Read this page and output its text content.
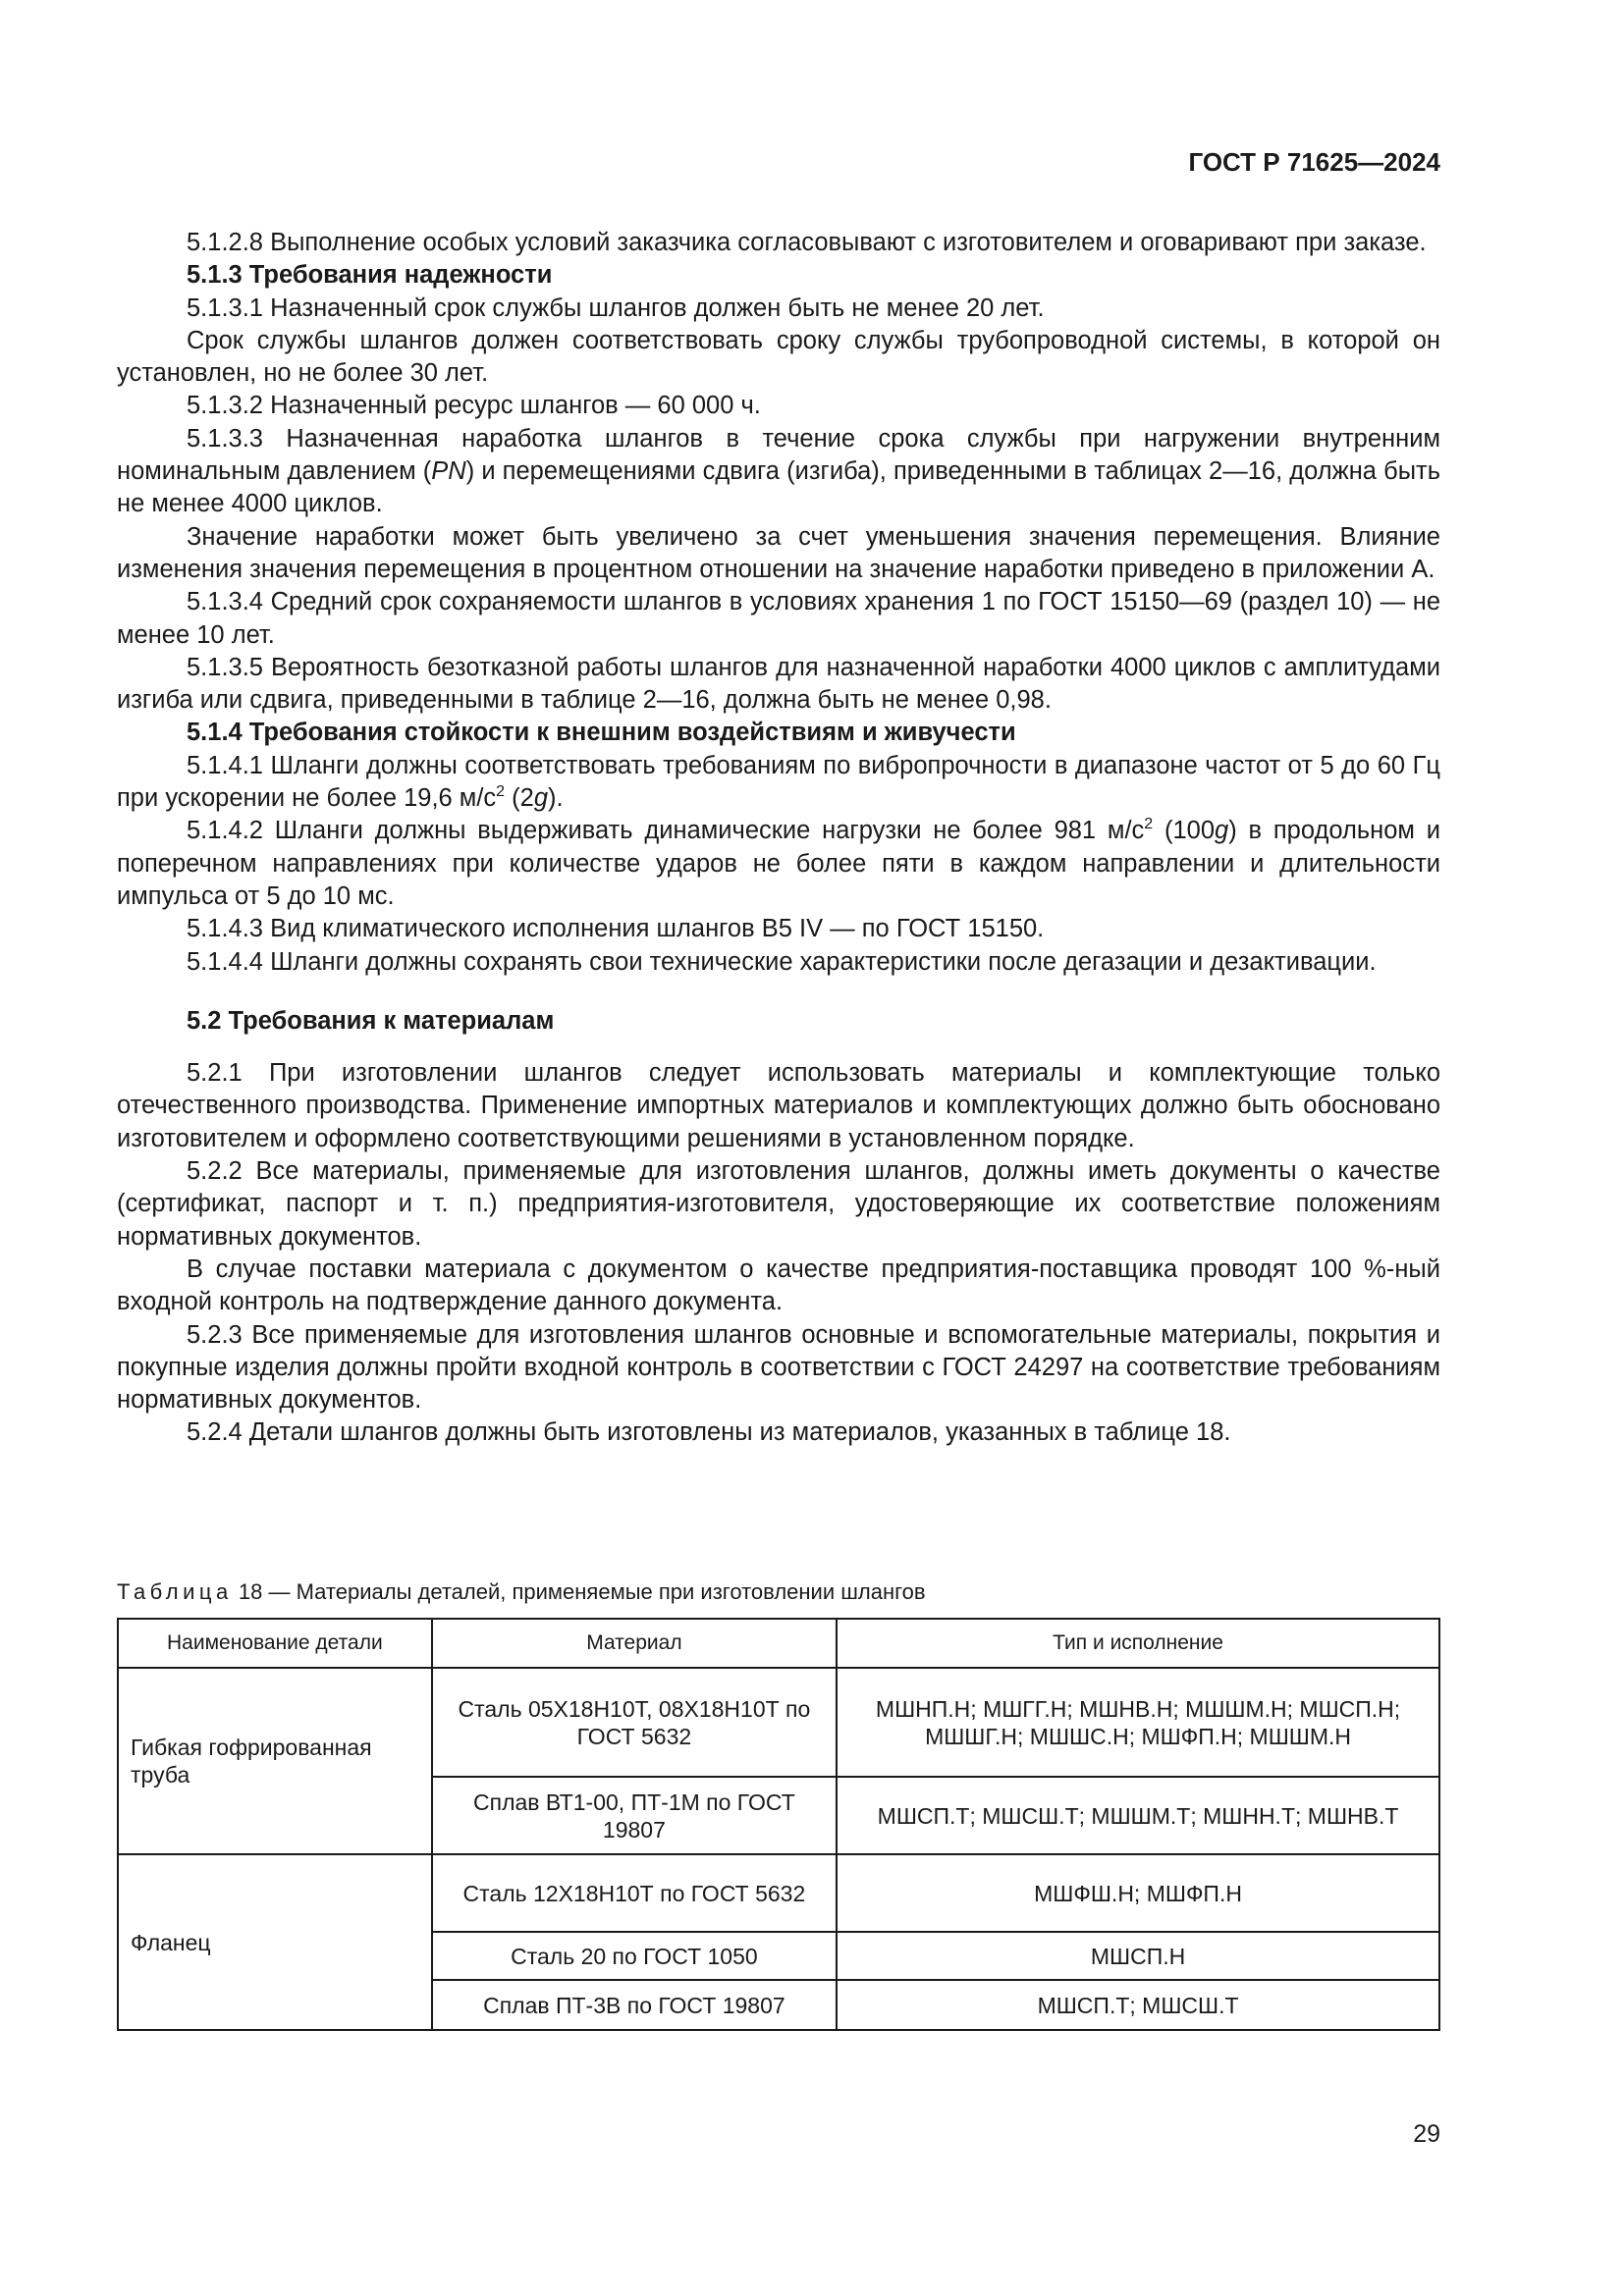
ГОСТ Р 71625—2024

5.1.2.8 Выполнение особых условий заказчика согласовывают с изготовителем и оговаривают при заказе.

5.1.3 Требования надежности

5.1.3.1 Назначенный срок службы шлангов должен быть не менее 20 лет.

Срок службы шлангов должен соответствовать сроку службы трубопроводной системы, в которой он установлен, но не более 30 лет.

5.1.3.2 Назначенный ресурс шлангов — 60 000 ч.

5.1.3.3 Назначенная наработка шлангов в течение срока службы при нагружении внутренним номинальным давлением (PN) и перемещениями сдвига (изгиба), приведенными в таблицах 2—16, должна быть не менее 4000 циклов.

Значение наработки может быть увеличено за счет уменьшения значения перемещения. Влияние изменения значения перемещения в процентном отношении на значение наработки приведено в приложении А.

5.1.3.4 Средний срок сохраняемости шлангов в условиях хранения 1 по ГОСТ 15150—69 (раздел 10) — не менее 10 лет.

5.1.3.5 Вероятность безотказной работы шлангов для назначенной наработки 4000 циклов с амплитудами изгиба или сдвига, приведенными в таблице 2—16, должна быть не менее 0,98.

5.1.4 Требования стойкости к внешним воздействиям и живучести

5.1.4.1 Шланги должны соответствовать требованиям по вибропрочности в диапазоне частот от 5 до 60 Гц при ускорении не более 19,6 $м/с^2$ (2g).

5.1.4.2 Шланги должны выдерживать динамические нагрузки не более 981 $м/с^2$ (100g) в продольном и поперечном направлениях при количестве ударов не более пяти в каждом направлении и длительности импульса от 5 до 10 мс.

5.1.4.3 Вид климатического исполнения шлангов В5 IV — по ГОСТ 15150.

5.1.4.4 Шланги должны сохранять свои технические характеристики после дегазации и дезактивации.

5.2 Требования к материалам

5.2.1 При изготовлении шлангов следует использовать материалы и комплектующие только отечественного производства. Применение импортных материалов и комплектующих должно быть обосновано изготовителем и оформлено соответствующими решениями в установленном порядке.

5.2.2 Все материалы, применяемые для изготовления шлангов, должны иметь документы о качестве (сертификат, паспорт и т. п.) предприятия-изготовителя, удостоверяющие их соответствие положениям нормативных документов.

В случае поставки материала с документом о качестве предприятия-поставщика проводят 100 %-ный входной контроль на подтверждение данного документа.

5.2.3 Все применяемые для изготовления шлангов основные и вспомогательные материалы, покрытия и покупные изделия должны пройти входной контроль в соответствии с ГОСТ 24297 на соответствие требованиям нормативных документов.

5.2.4 Детали шлангов должны быть изготовлены из материалов, указанных в таблице 18.

Таблица 18 — Материалы деталей, применяемые при изготовлении шлангов
Наименование детали	Материал	Тип и исполнение
Гибкая гофрированная труба	Сталь 05Х18Н10Т, 08Х18Н10Т по ГОСТ 5632	МШНП.Н; МШГГ.Н; МШНВ.Н; МШШМ.Н; МШСП.Н; МШШГ.Н; МШШС.Н; МШФП.Н; МШШМ.Н
	Сплав ВТ1-00, ПТ-1М по ГОСТ 19807	МШСП.Т; МШСШ.Т; МШШМ.Т; МШНН.Т; МШНВ.Т
Фланец	Сталь 12Х18Н10Т по ГОСТ 5632	МШФШ.Н; МШФП.Н
	Сталь 20 по ГОСТ 1050	МШСП.Н
	Сплав ПТ-3В по ГОСТ 19807	МШСП.Т; МШСШ.Т
29
